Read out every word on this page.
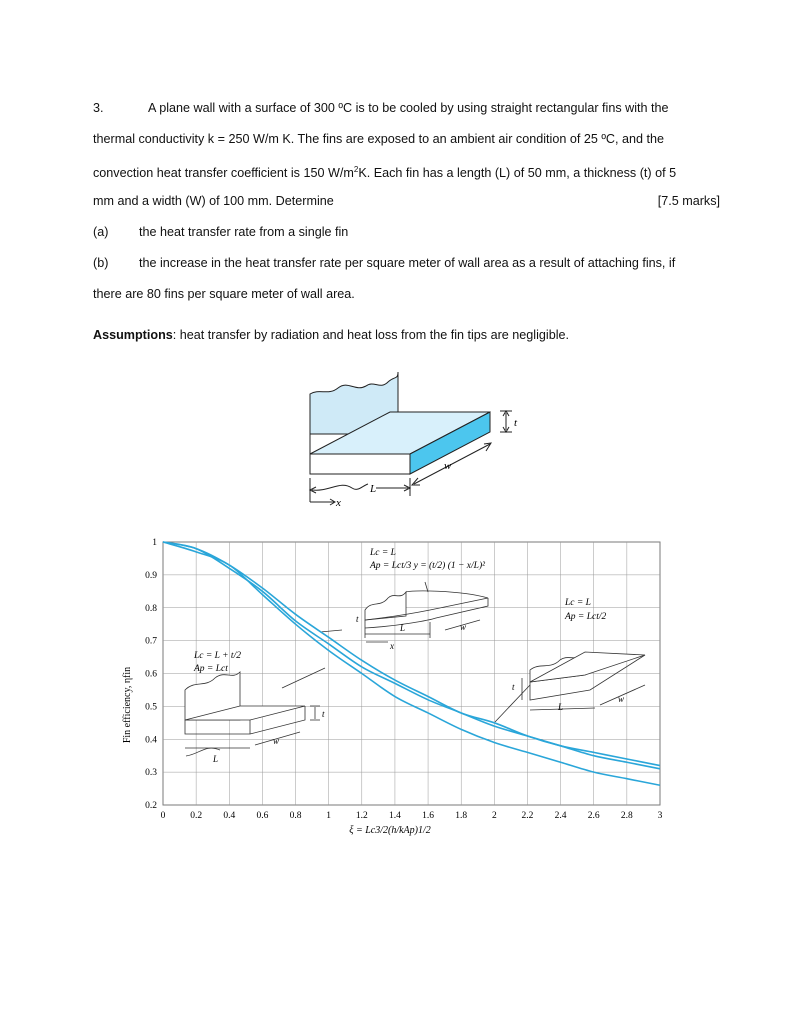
3.	A plane wall with a surface of 300 ºC is to be cooled by using straight rectangular fins with the
thermal conductivity k = 250 W/m K. The fins are exposed to an ambient air condition of 25 ºC, and the
convection heat transfer coefficient is 150 $W/m^2K$. Each fin has a length (L) of 50 mm, a thickness (t) of 5
mm and a width (W) of 100 mm. Determine	[7.5 marks]
(a) the heat transfer rate from a single fin
(b) the increase in the heat transfer rate per square meter of wall area as a result of attaching fins, if
there are 80 fins per square meter of wall area.
Assumptions: heat transfer by radiation and heat loss from the fin tips are negligible.
t
w
L
x
0	0.2 0.4 0.6 0.8	1	1.2 1.4 1.6 1.8	2	2.2 2.4 2.6 2.8	3
0.2
0.3
0.4
0.5
0.6
0.7
0.8
0.9
1
t
w
L
L
x
t
w
t
L
w
Lc = L + t/2
Ap = Lct
Lc = L
Ap = Lct/3 y = (t/2) (1 − x/L)²
Lc = L
Ap = Lct/2
ξ = Lc3/2(h/kAp)1/2
Fin efficiency, ηfin
